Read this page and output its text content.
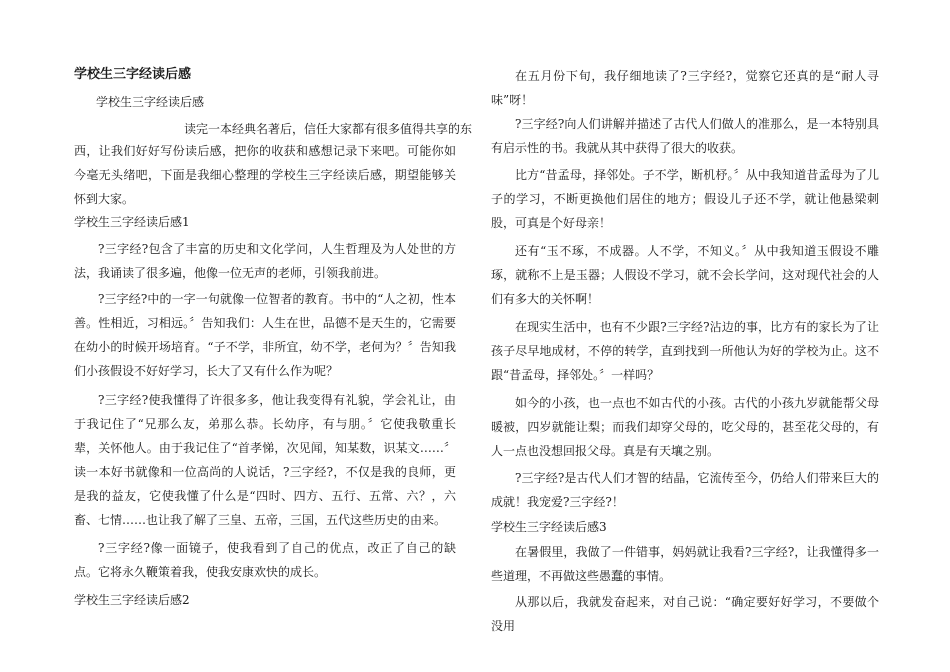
学校生三字经读后感
学校生三字经读后感
读完一本经典名著后，信任大家都有很多值得共享的东
西，让我们好好写份读后感，把你的收获和感想记录下来吧。可能你如今毫无头绪吧，下面是我细心整理的学校生三字经读后感，期望能够关怀到大家。
学校生三字经读后感1
?三字经?包含了丰富的历史和文化学问，人生哲理及为人处世的方法，我诵读了很多遍，他像一位无声的老师，引领我前进。
?三字经?中的一字一句就像一位智者的教育。书中的“人之初，性本善。性相近，习相远。〞告知我们：人生在世，品德不是天生的，它需要在幼小的时候开场培育。“子不学，非所宜，幼不学，老何为？〞告知我们小孩假设不好好学习，长大了又有什么作为呢？
?三字经?使我懂得了许很多多，他让我变得有礼貌，学会礼让，由于我记住了“兄那么友，弟那么恭。长幼序，有与朋。〞它使我敬重长辈，关怀他人。由于我记住了“首孝悌，次见闻，知某数，识某文……〞读一本好书就像和一位高尚的人说话，?三字经?，不仅是我的良师，更是我的益友，它使我懂了什么是“四时、四方、五行、五常、六？，六畜、七情……也让我了解了三皇、五帝，三国，五代这些历史的由来。
?三字经?像一面镜子，使我看到了自己的优点，改正了自己的缺点。它将永久鞭策着我，使我安康欢快的成长。
学校生三字经读后感2
在五月份下旬，我仔细地读了?三字经?，觉察它还真的是“耐人寻味”呀！
?三字经?向人们讲解并描述了古代人们做人的准那么，是一本特别具有启示性的书。我就从其中获得了很大的收获。
比方“昔孟母，择邻处。子不学，断机杼。〞从中我知道昔孟母为了儿子的学习，不断更换他们居住的地方；假设儿子还不学，就让他悬梁刺股，可真是个好母亲！
还有“玉不琢，不成器。人不学，不知义。〞从中我知道玉假设不雕琢，就称不上是玉器；人假设不学习，就不会长学问，这对现代社会的人们有多大的关怀啊！
在现实生活中，也有不少跟?三字经?沾边的事，比方有的家长为了让孩子尽早地成材，不停的转学，直到找到一所他认为好的学校为止。这不跟“昔孟母，择邻处。〞一样吗？
如今的小孩，也一点也不如古代的小孩。古代的小孩九岁就能帮父母暖被，四岁就能让梨；而我们却穿父母的，吃父母的，甚至花父母的，有人一点也没想回报父母。真是有天壤之别。
?三字经?是古代人们才智的结晶，它流传至今，仍给人们带来巨大的成就！我宠爱?三字经?！
学校生三字经读后感3
在暑假里，我做了一件错事，妈妈就让我看?三字经?，让我懂得多一些道理，不再做这些愚蠢的事情。
从那以后，我就发奋起来，对自己说：“确定要好好学习，不要做个没用
